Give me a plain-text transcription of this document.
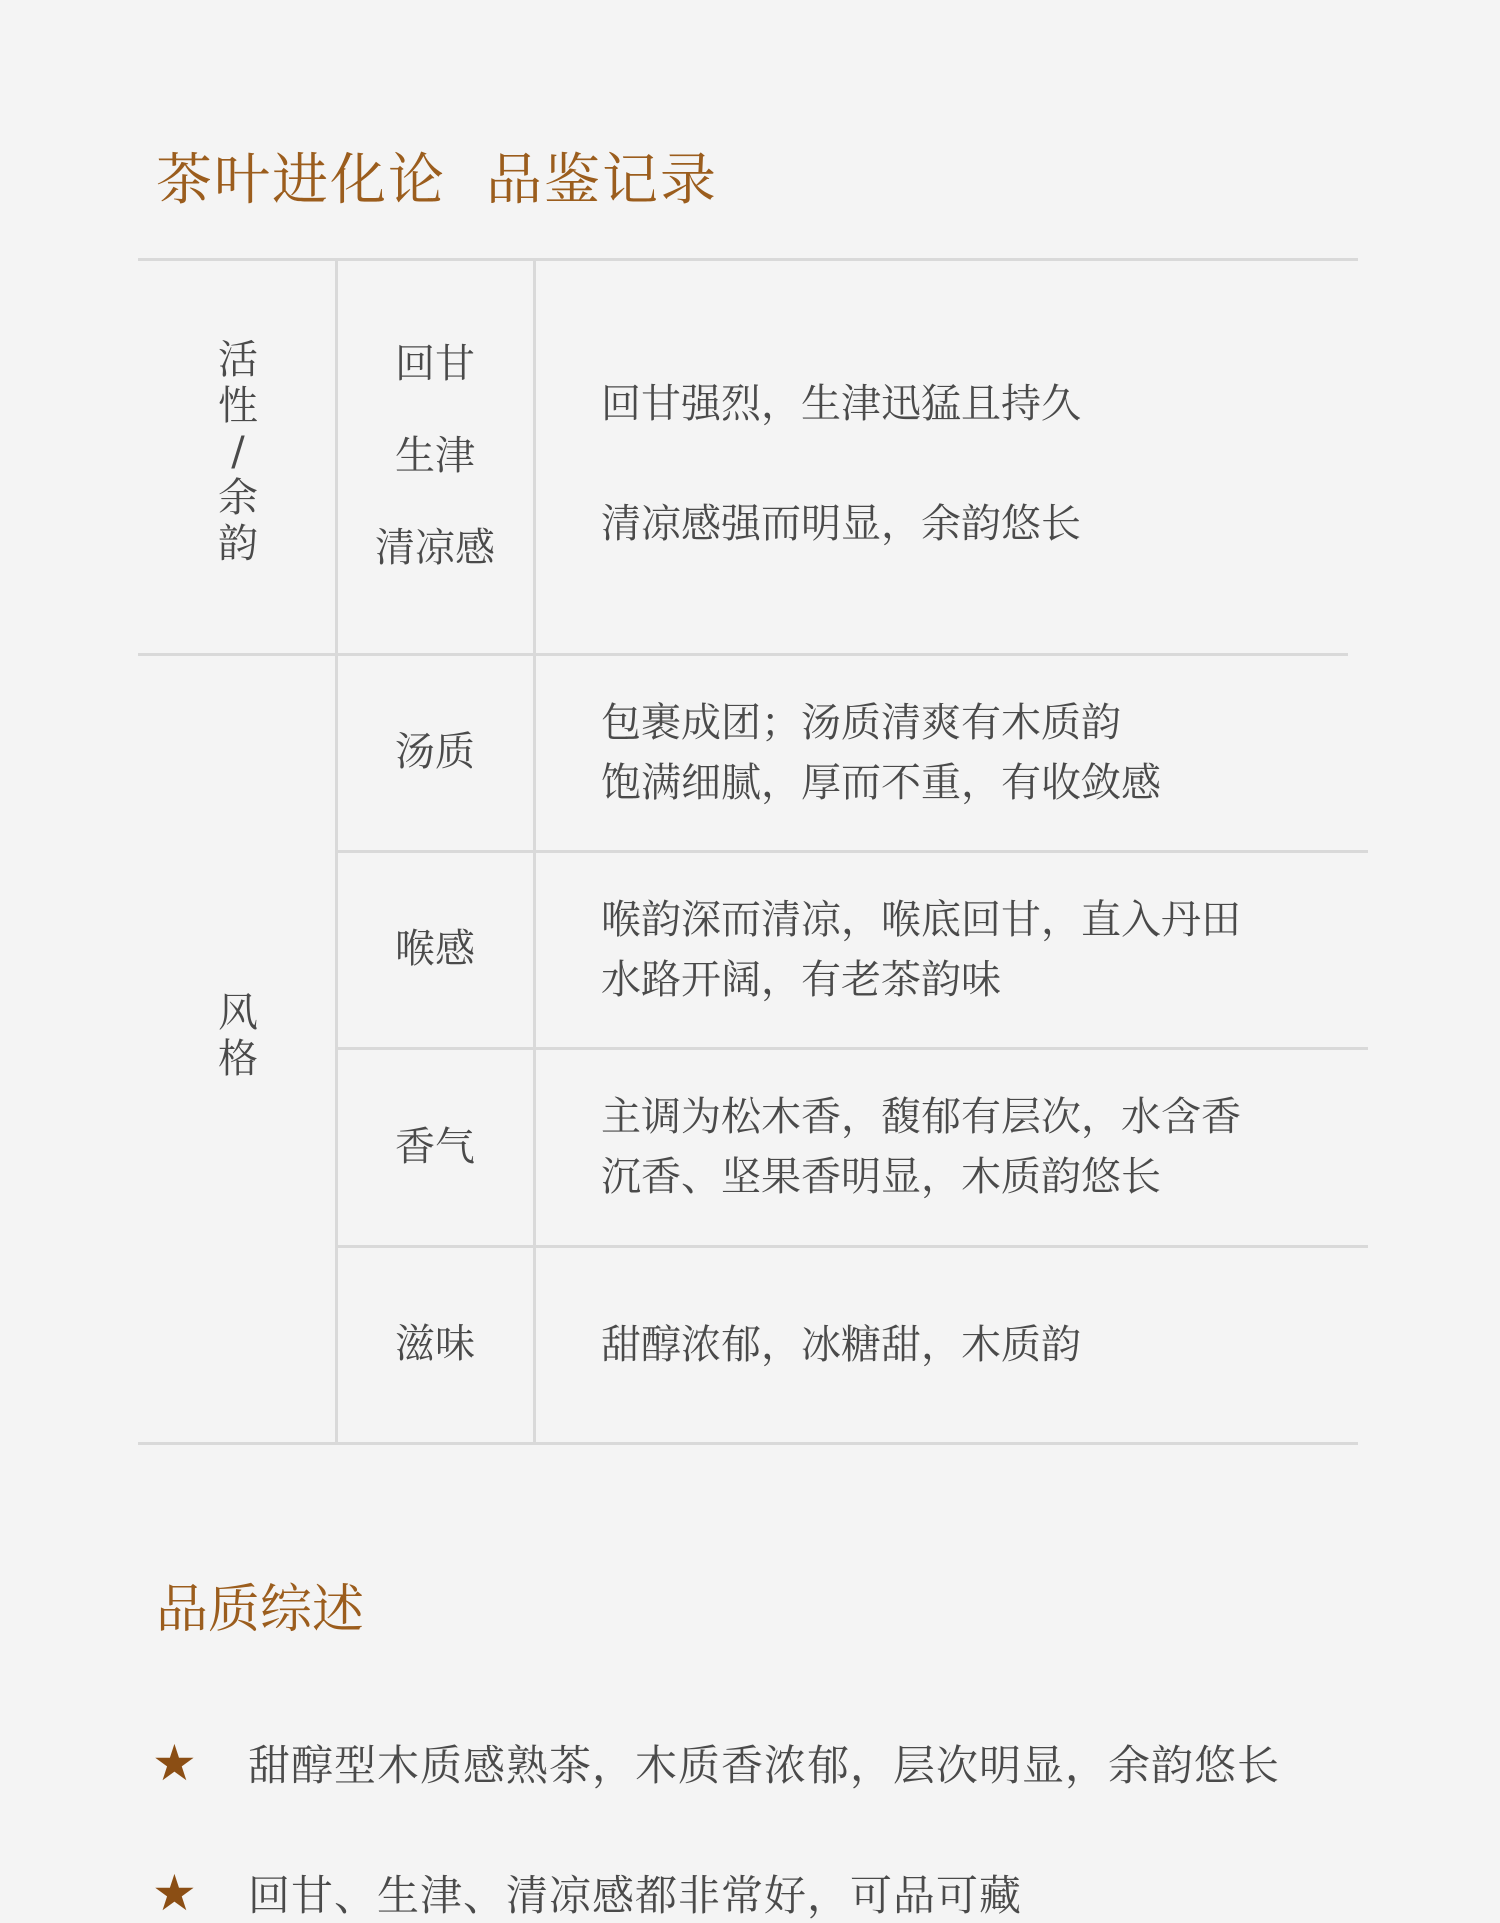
茶叶进化论 品鉴记录
活
性
/
余
韵
回甘
生津
清凉感
回甘强烈，生津迅猛且持久
清凉感强而明显，余韵悠长
风
格
汤质
包裹成团；汤质清爽有木质韵
饱满细腻，厚而不重，有收敛感
喉感
喉韵深而清凉，喉底回甘，直入丹田
水路开阔，有老茶韵味
香气
主调为松木香，馥郁有层次，水含香
沉香、坚果香明显，木质韵悠长
滋味	甜醇浓郁，冰糖甜，木质韵
品质综述
★ 甜醇型木质感熟茶，木质香浓郁，层次明显，余韵悠长
★ 回甘、生津、清凉感都非常好，可品可藏
